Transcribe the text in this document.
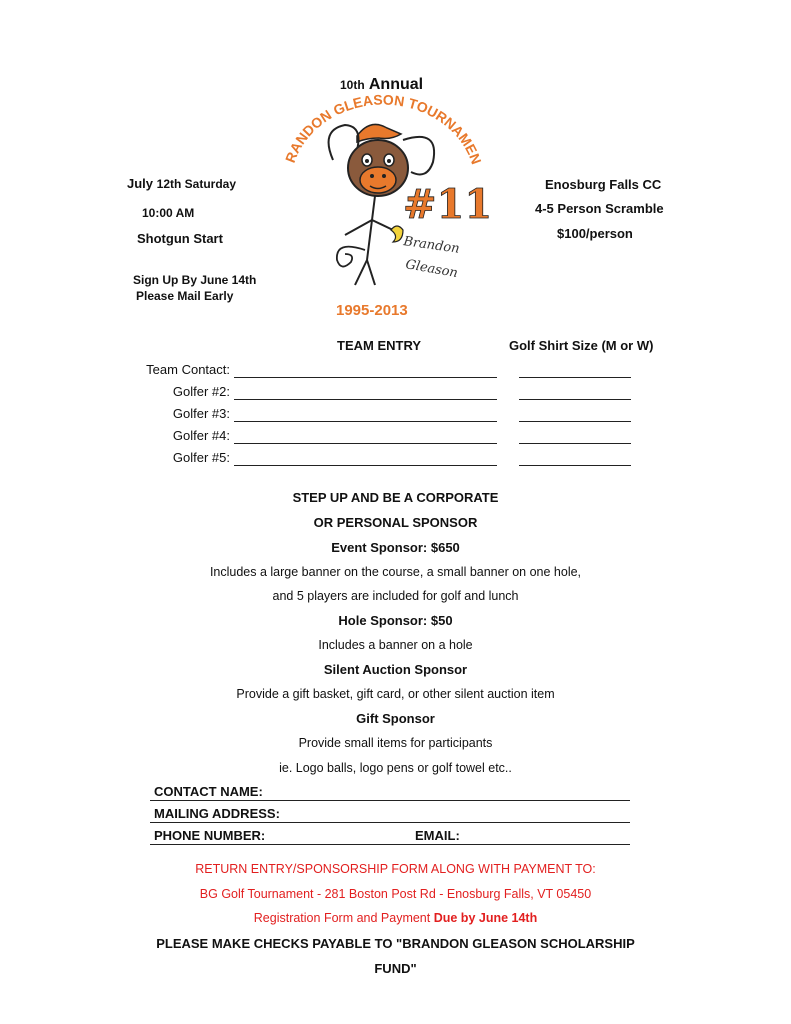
10th Annual
BRANDON GLEASON TOURNAMENT
#11
Brandon
Gleason
1995-2013
July 12th Saturday
10:00 AM
Shotgun Start
Sign Up By June 14th
Please Mail Early
Enosburg Falls CC
4-5 Person Scramble
$100/person
TEAM ENTRY	Golf Shirt Size (M or W)
Team Contact:
Golfer #2:
Golfer #3:
Golfer #4:
Golfer #5:
STEP UP AND BE A CORPORATE
OR PERSONAL SPONSOR
Event Sponsor: $650
Includes a large banner on the course, a small banner on one hole,
and 5 players are included for golf and lunch
Hole Sponsor: $50
Includes a banner on a hole
Silent Auction Sponsor
Provide a gift basket, gift card, or other silent auction item
Gift Sponsor
Provide small items for participants
ie. Logo balls, logo pens or golf towel etc..
CONTACT NAME:
MAILING ADDRESS:
PHONE NUMBER:	EMAIL:
RETURN ENTRY/SPONSORSHIP FORM ALONG WITH PAYMENT TO:
BG Golf Tournament - 281 Boston Post Rd - Enosburg Falls, VT 05450
Registration Form and Payment Due by June 14th
PLEASE MAKE CHECKS PAYABLE TO "BRANDON GLEASON SCHOLARSHIP
FUND"
